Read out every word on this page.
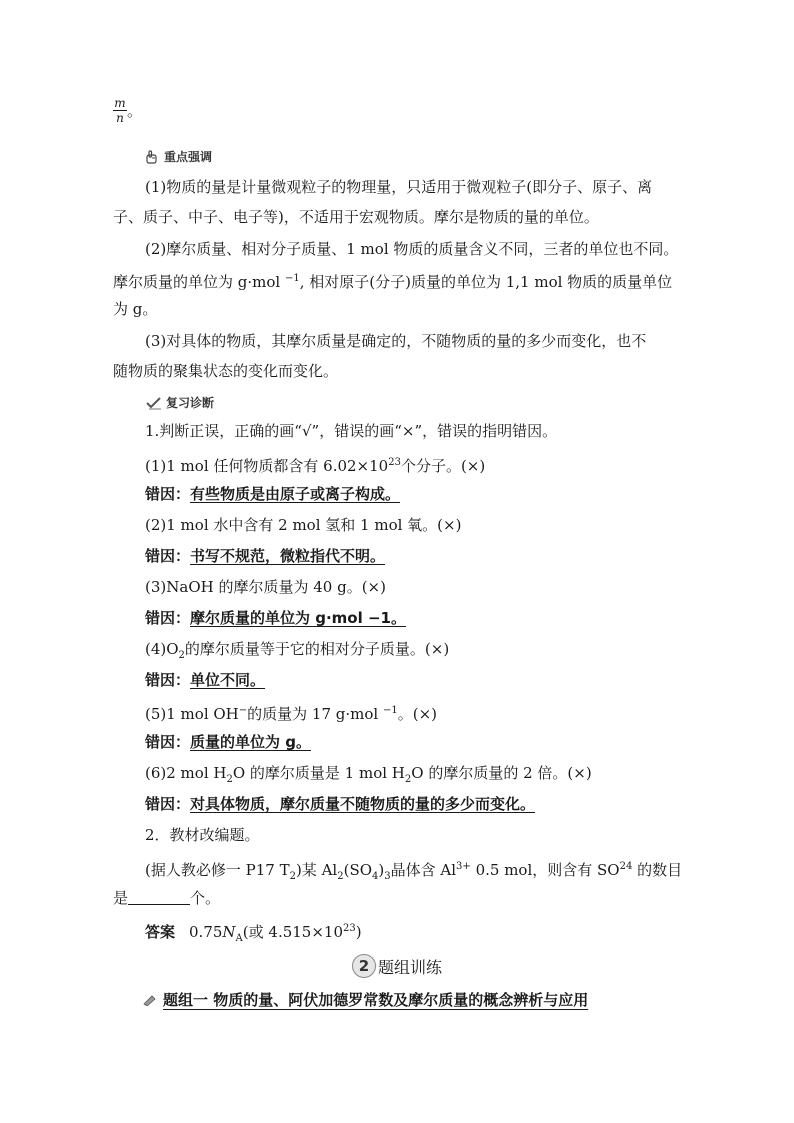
$\frac{m}{n}$ 。
重点强调
(1)物质的量是计量微观粒子的物理量，只适用于微观粒子(即分子、原子、离
子、质子、中子、电子等)，不适用于宏观物质。摩尔是物质的量的单位。
(2)摩尔质量、相对分子质量、1 mol 物质的质量含义不同，三者的单位也不同。
摩尔质量的单位为 g·mol $^{-1}$, 相对原子(分子)质量的单位为 1,1 mol 物质的质量单位
为 g。
(3)对具体的物质，其摩尔质量是确定的，不随物质的量的多少而变化，也不
随物质的聚集状态的变化而变化。
复习诊断
1.判断正误，正确的画“√”，错误的画“×”，错误的指明错因。
(1)1 mol 任何物质都含有 $6.02\times 10^{23}$个分子。(×)
错因：有些物质是由原子或离子构成。
(2)1 mol 水中含有 2 mol 氢和 1 mol 氧。(×)
错因：书写不规范，微粒指代不明。
(3)NaOH 的摩尔质量为 40 g。(×)
错因：摩尔质量的单位为 g·mol −1。
$(4)O_2$的摩尔质量等于它的相对分子质量。(×)
错因：单位不同。
(5)1 mol OH−的质量为 17 g·mol $^{-1}$。(×)
错因：质量的单位为 g。
(6)2 mol $H_2O$ 的摩尔质量是 1 mol $H_2O$ 的摩尔质量的 2 倍。(×)
错因：对具体物质，摩尔质量不随物质的量的多少而变化。
2．教材改编题。
(据人教必修一 P17 $T_2$)某 $Al_2(SO_4)_3$晶体含 $Al^{3+}$ 0.5 mol，则含有 SO$^{24}$ 的数目
是	个。
答案 $0.75N_A$(或 $4.515\times 10^{23}$)
2 题组训练
题组一 物质的量、阿伏加德罗常数及摩尔质量的概念辨析与应用
